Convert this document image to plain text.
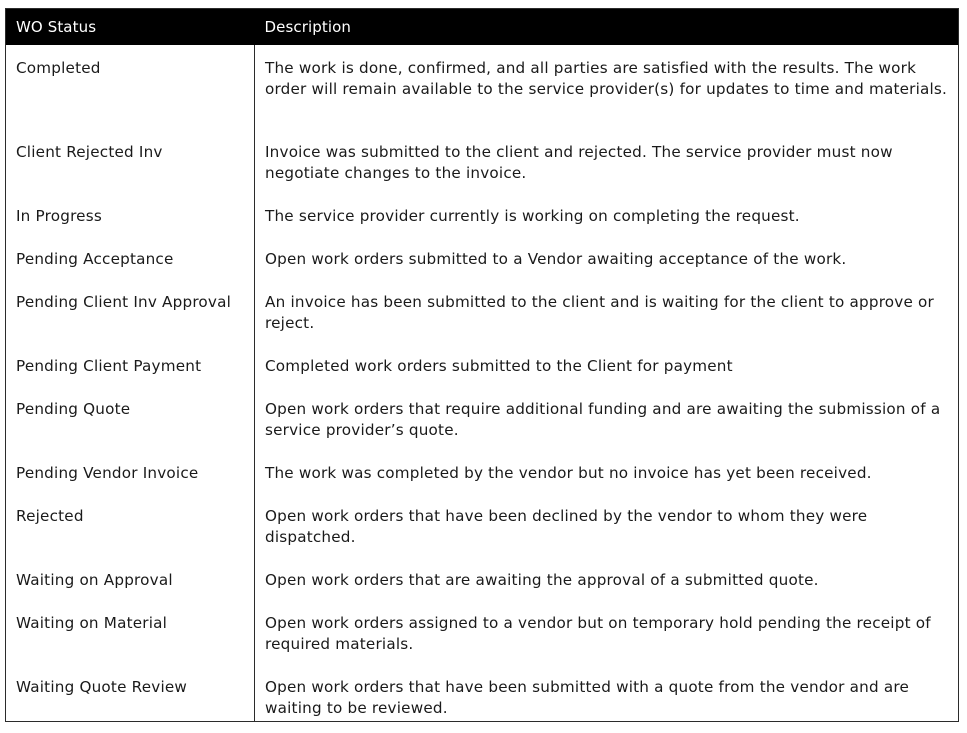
WO Status	Description
Completed	The work is done, confirmed, and all parties are satisfied with the results. The work order will remain available to the service provider(s) for updates to time and materials.
Client Rejected Inv	Invoice was submitted to the client and rejected. The service provider must now negotiate changes to the invoice.
In Progress	The service provider currently is working on completing the request.
Pending Acceptance	Open work orders submitted to a Vendor awaiting acceptance of the work.
Pending Client Inv Approval	An invoice has been submitted to the client and is waiting for the client to approve or reject.
Pending Client Payment	Completed work orders submitted to the Client for payment
Pending Quote	Open work orders that require additional funding and are awaiting the submission of a service provider’s quote.
Pending Vendor Invoice	The work was completed by the vendor but no invoice has yet been received.
Rejected	Open work orders that have been declined by the vendor to whom they were dispatched.
Waiting on Approval	Open work orders that are awaiting the approval of a submitted quote.
Waiting on Material	Open work orders assigned to a vendor but on temporary hold pending the receipt of required materials.
Waiting Quote Review	Open work orders that have been submitted with a quote from the vendor and are waiting to be reviewed.
